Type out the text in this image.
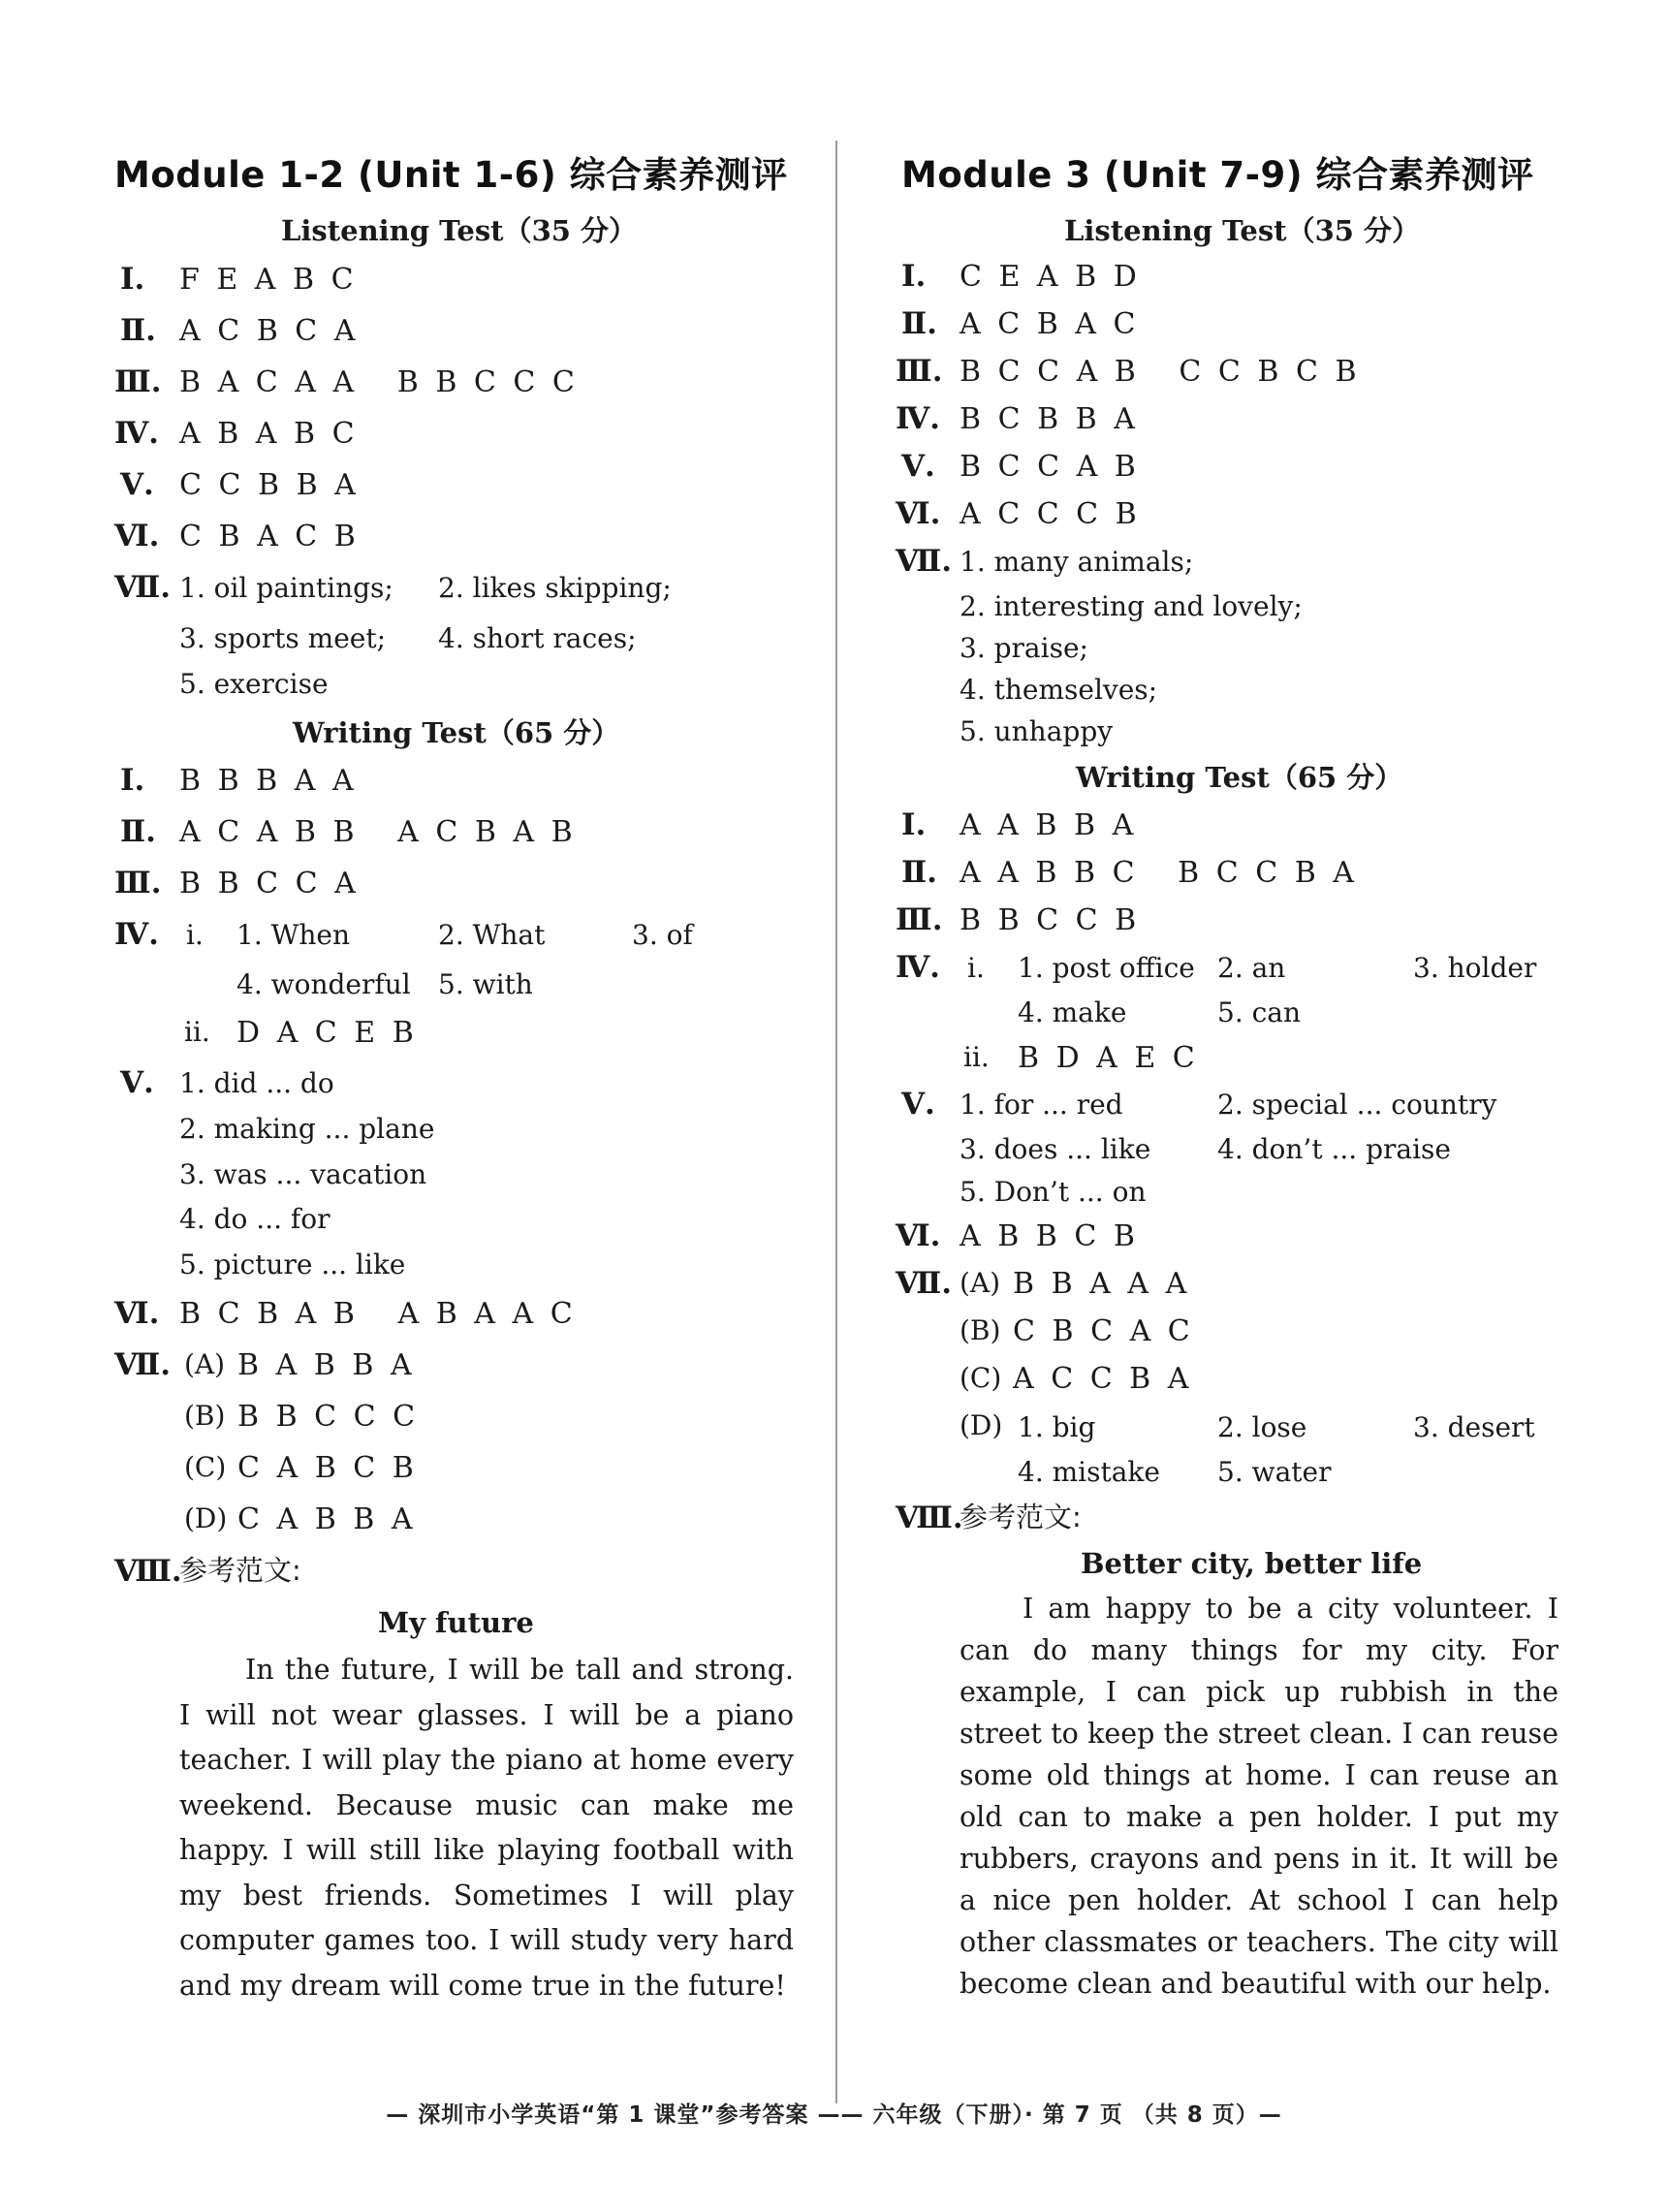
Module 1-2 (Unit 1-6) 综合素养测评
Listening Test（35 分）
Ⅰ. F E A B C
Ⅱ. A C B C A
Ⅲ. B A C A A   B B C C C
Ⅳ. A B A B C
Ⅴ. C C B B A
Ⅵ. C B A C B
Ⅶ. 1. oil paintings; 2. likes skipping;
3. sports meet; 4. short races;
5. exercise
Writing Test（65 分）
Ⅰ. B B B A A
Ⅱ. A C A B B   A C B A B
Ⅲ. B B C C A
Ⅳ. ⅰ. 1. When	2. What	3. of
4. wonderful 5. with
ⅱ. D A C E B
Ⅴ. 1. did ... do
2. making ... plane
3. was ... vacation
4. do ... for
5. picture ... like
Ⅵ. B C B A B   A B A A C
Ⅶ. (A) B A B B A
(B) B B C C C
(C) C A B C B
(D) C A B B A
Ⅷ.
参考范文:
My future

In the future, I will be tall and strong. I will not wear glasses. I will be a piano teacher. I will play the piano at home every weekend. Because music can make me happy. I will still like playing football with my best friends. Sometimes I will play computer games too. I will study very hard and my dream will come true in the future!

Module 3 (Unit 7-9) 综合素养测评
Listening Test（35 分）
Ⅰ. C E A B D
Ⅱ. A C B A C
Ⅲ. B C C A B   C C B C B
Ⅳ. B C B B A
Ⅴ. B C C A B
Ⅵ. A C C C B
Ⅶ. 1. many animals;
2. interesting and lovely;
3. praise;
4. themselves;
5. unhappy
Writing Test（65 分）
Ⅰ. A A B B A
Ⅱ. A A B B C   B C C B A
Ⅲ. B B C C B
Ⅳ. ⅰ. 1. post office 2. an	3. holder
4. make	5. can
ⅱ. B D A E C
Ⅴ. 1. for ... red	2. special ... country
3. does ... like 4. don’t ... praise
5. Don’t ... on
Ⅵ. A B B C B
Ⅶ. (A) B B A A A
(B) C B C A C
(C) A C C B A
(D) 1. big	2. lose	3. desert
4. mistake 5. water
Ⅷ.
参考范文:
Better city, better life

I am happy to be a city volunteer. I can do many things for my city. For example, I can pick up rubbish in the street to keep the street clean. I can reuse some old things at home. I can reuse an old can to make a pen holder. I put my rubbers, crayons and pens in it. It will be a nice pen holder. At school I can help other classmates or teachers. The city will become clean and beautiful with our help.

— 深圳市小学英语“第 1 课堂”参考答案 —— 六年级（下册）· 第 7 页 （共 8 页）—
